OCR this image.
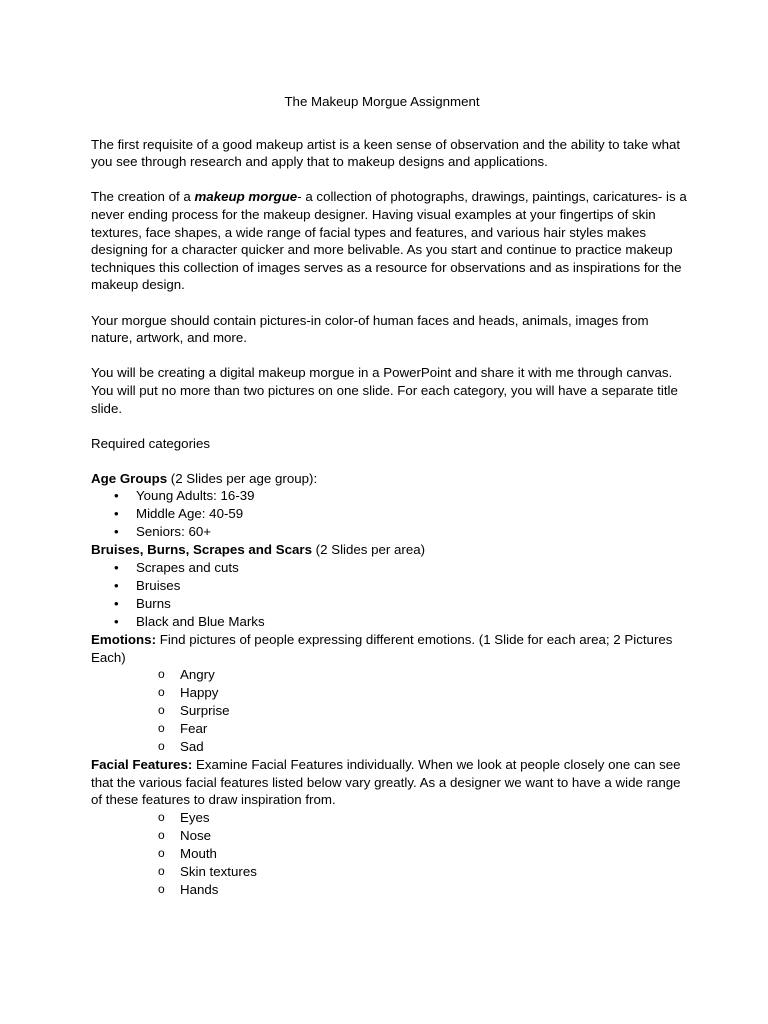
The Makeup Morgue Assignment

The first requisite of a good makeup artist is a keen sense of observation and the ability to take what you see through research and apply that to makeup designs and applications.

The creation of a makeup morgue- a collection of photographs, drawings, paintings, caricatures- is a never ending process for the makeup designer. Having visual examples at your fingertips of skin textures, face shapes, a wide range of facial types and features, and various hair styles makes designing for a character quicker and more belivable. As you start and continue to practice makeup techniques this collection of images serves as a resource for observations and as inspirations for the makeup design.

Your morgue should contain pictures-in color-of human faces and heads, animals, images from nature, artwork, and more.

You will be creating a digital makeup morgue in a PowerPoint and share it with me through canvas. You will put no more than two pictures on one slide. For each category, you will have a separate title slide.

Required categories

Age Groups (2 Slides per age group):

• Young Adults: 16-39
• Middle Age: 40-59
• Seniors: 60+

Bruises, Burns, Scrapes and Scars (2 Slides per area)

• Scrapes and cuts
• Bruises
• Burns
• Black and Blue Marks

Emotions: Find pictures of people expressing different emotions. (1 Slide for each area; 2 Pictures Each)

o Angry
o Happy
o Surprise
o Fear
o Sad

Facial Features: Examine Facial Features individually. When we look at people closely one can see that the various facial features listed below vary greatly. As a designer we want to have a wide range of these features to draw inspiration from.

o Eyes
o Nose
o Mouth
o Skin textures
o Hands
